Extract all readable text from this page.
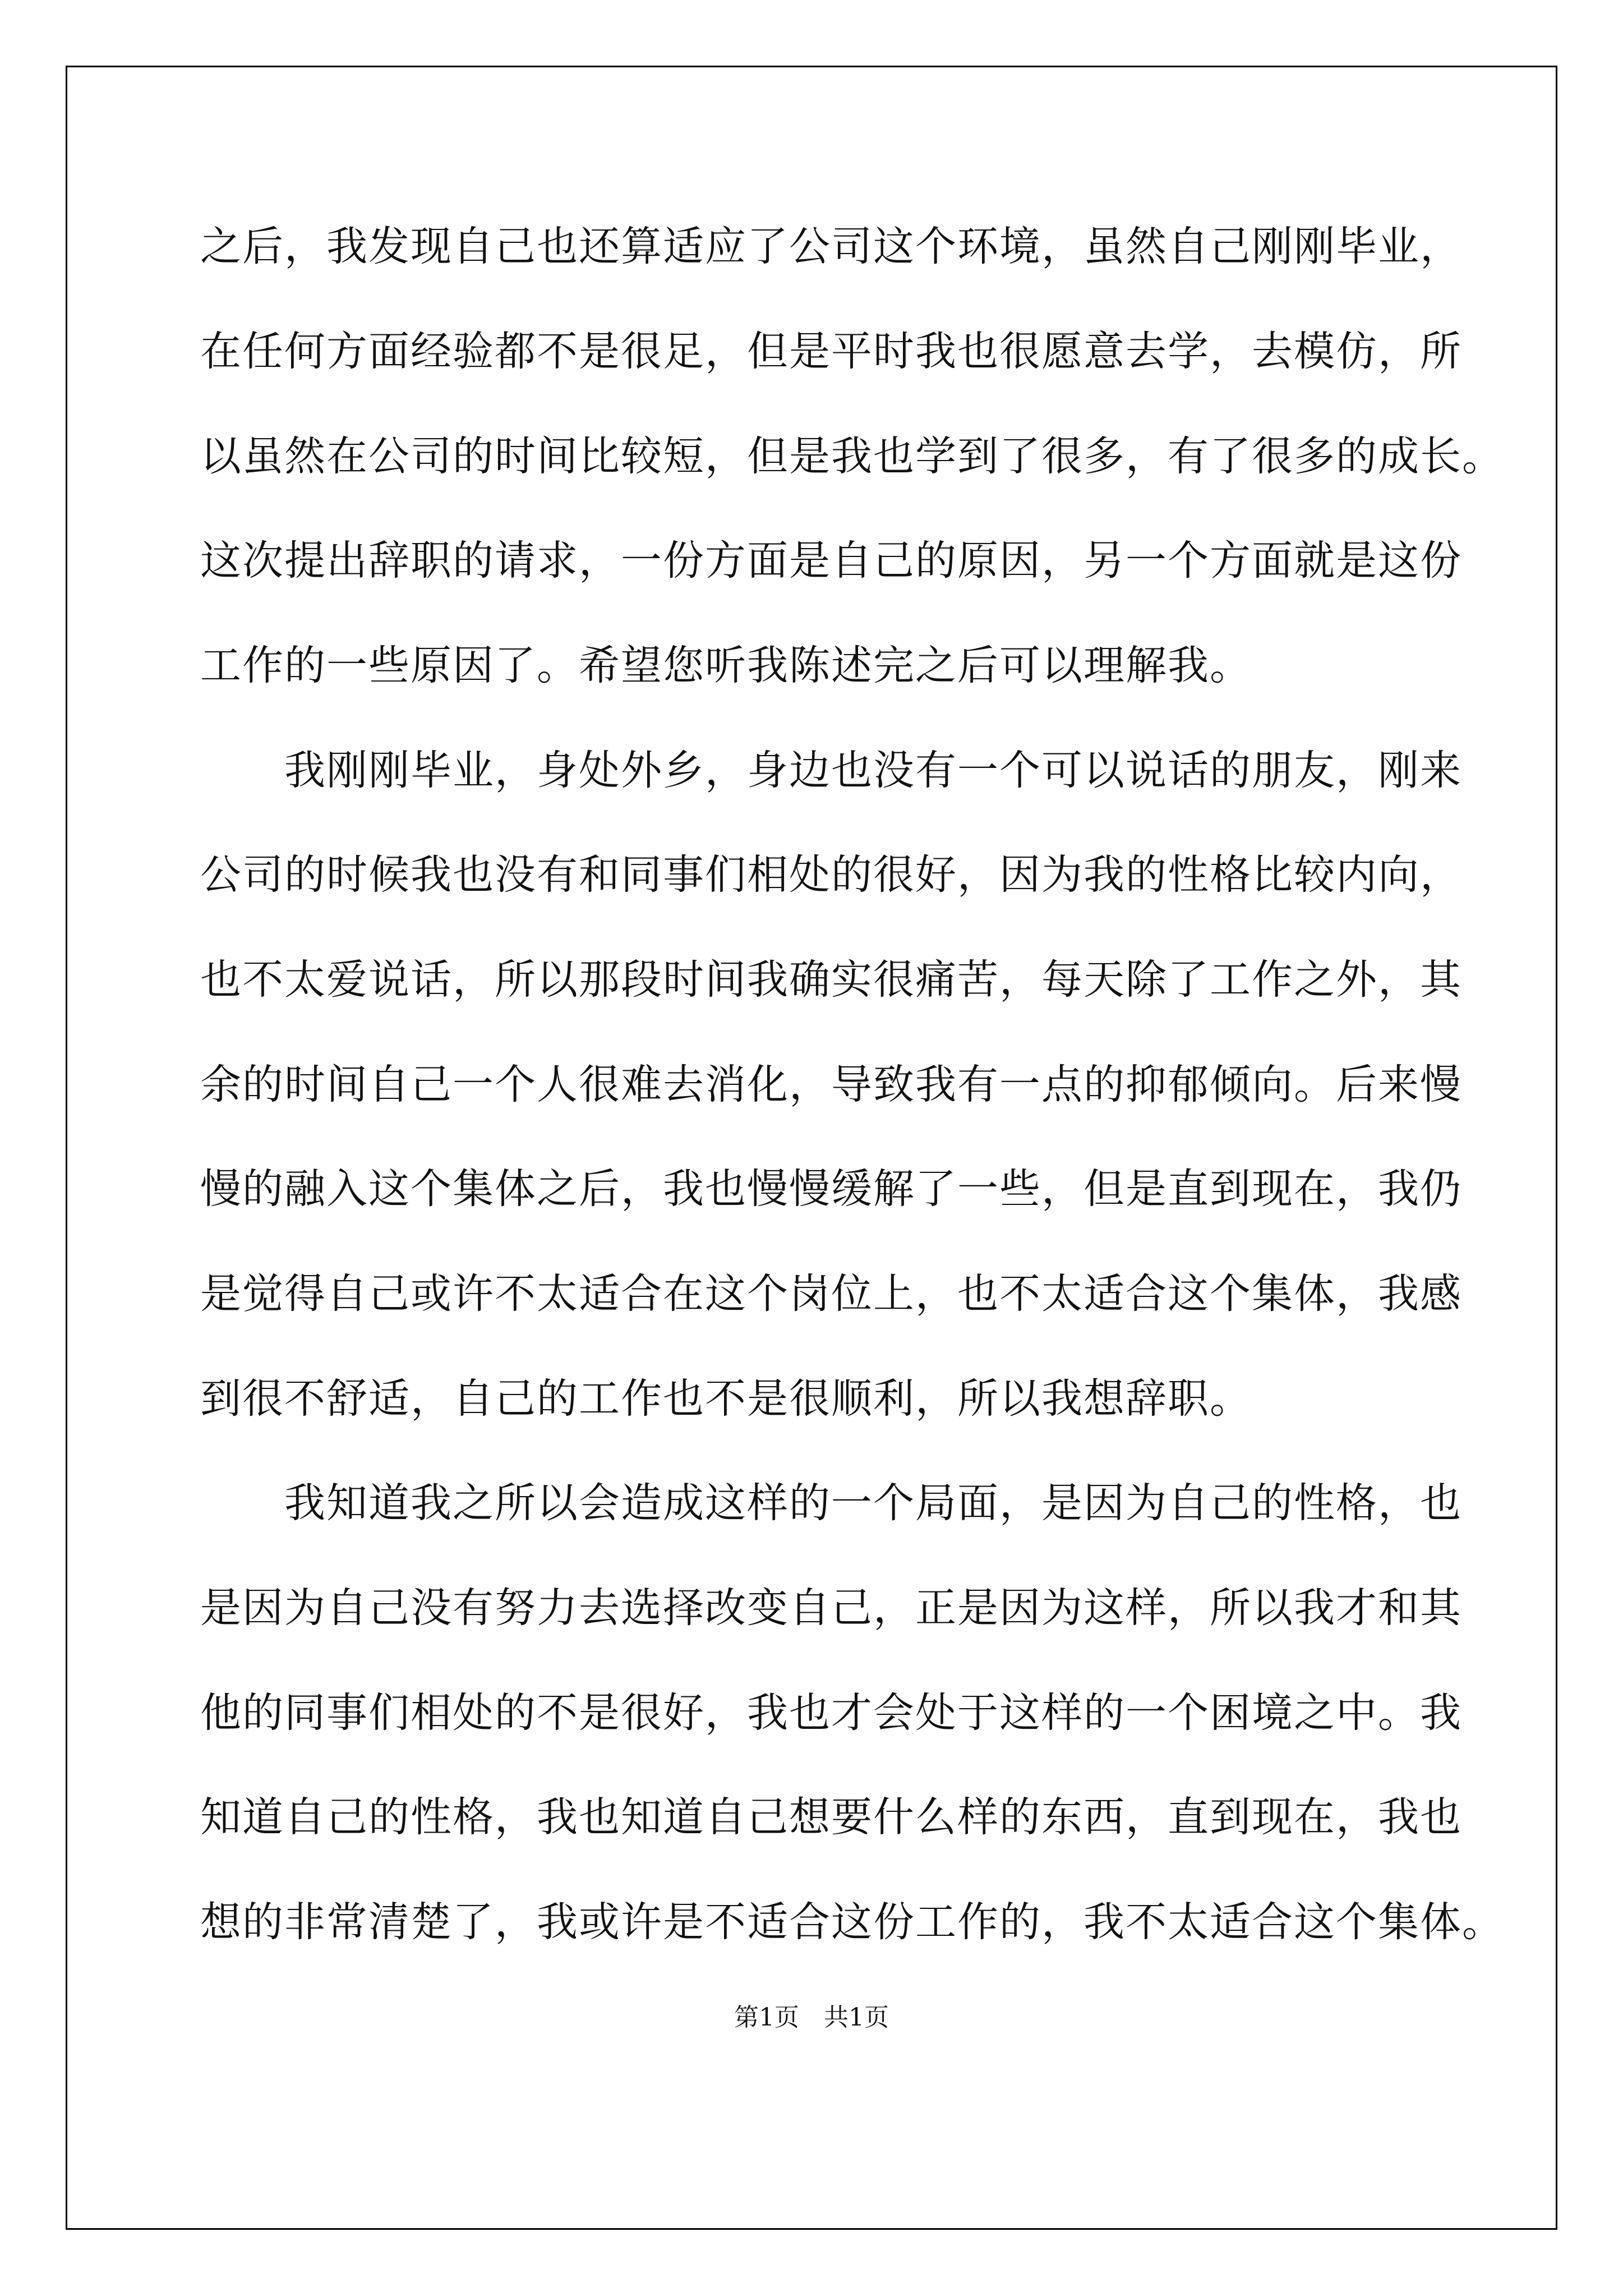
之后，我发现自己也还算适应了公司这个环境，虽然自己刚刚毕业，
在任何方面经验都不是很足，但是平时我也很愿意去学，去模仿，所
以虽然在公司的时间比较短，但是我也学到了很多，有了很多的成长。
这次提出辞职的请求，一份方面是自己的原因，另一个方面就是这份
工作的一些原因了。希望您听我陈述完之后可以理解我。
　　我刚刚毕业，身处外乡，身边也没有一个可以说话的朋友，刚来
公司的时候我也没有和同事们相处的很好，因为我的性格比较内向，
也不太爱说话，所以那段时间我确实很痛苦，每天除了工作之外，其
余的时间自己一个人很难去消化，导致我有一点的抑郁倾向。后来慢
慢的融入这个集体之后，我也慢慢缓解了一些，但是直到现在，我仍
是觉得自己或许不太适合在这个岗位上，也不太适合这个集体，我感
到很不舒适，自己的工作也不是很顺利，所以我想辞职。
　　我知道我之所以会造成这样的一个局面，是因为自己的性格，也
是因为自己没有努力去选择改变自己，正是因为这样，所以我才和其
他的同事们相处的不是很好，我也才会处于这样的一个困境之中。我
知道自己的性格，我也知道自己想要什么样的东西，直到现在，我也
想的非常清楚了，我或许是不适合这份工作的，我不太适合这个集体。
第1页　共1页
